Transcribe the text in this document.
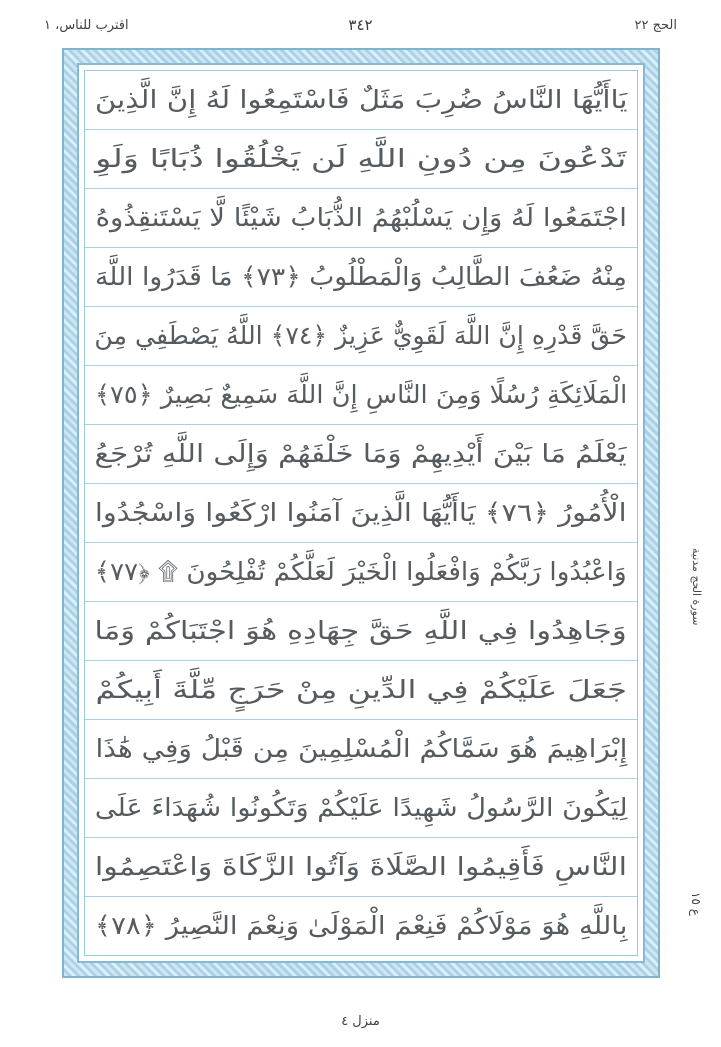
الحج ٢٢
٣٤٢
اقترب للناس، ١
يَاأَيُّهَا النَّاسُ ضُرِبَ مَثَلٌ فَاسْتَمِعُوا لَهُ إِنَّ الَّذِينَ
تَدْعُونَ مِن دُونِ اللَّهِ لَن يَخْلُقُوا ذُبَابًا وَلَوِ
اجْتَمَعُوا لَهُ وَإِن يَسْلُبْهُمُ الذُّبَابُ شَيْئًا لَّا يَسْتَنقِذُوهُ
مِنْهُ ضَعُفَ الطَّالِبُ وَالْمَطْلُوبُ ﴿٧٣﴾ مَا قَدَرُوا اللَّهَ
حَقَّ قَدْرِهِ إِنَّ اللَّهَ لَقَوِيٌّ عَزِيزٌ ﴿٧٤﴾ اللَّهُ يَصْطَفِي مِنَ
الْمَلَائِكَةِ رُسُلًا وَمِنَ النَّاسِ إِنَّ اللَّهَ سَمِيعٌ بَصِيرٌ ﴿٧٥﴾
يَعْلَمُ مَا بَيْنَ أَيْدِيهِمْ وَمَا خَلْفَهُمْ وَإِلَى اللَّهِ تُرْجَعُ
الْأُمُورُ ﴿٧٦﴾ يَاأَيُّهَا الَّذِينَ آمَنُوا ارْكَعُوا وَاسْجُدُوا
وَاعْبُدُوا رَبَّكُمْ وَافْعَلُوا الْخَيْرَ لَعَلَّكُمْ تُفْلِحُونَ ۩ ﴿٧٧﴾
وَجَاهِدُوا فِي اللَّهِ حَقَّ جِهَادِهِ هُوَ اجْتَبَاكُمْ وَمَا
جَعَلَ عَلَيْكُمْ فِي الدِّينِ مِنْ حَرَجٍ مِّلَّةَ أَبِيكُمْ
إِبْرَاهِيمَ هُوَ سَمَّاكُمُ الْمُسْلِمِينَ مِن قَبْلُ وَفِي هَٰذَا
لِيَكُونَ الرَّسُولُ شَهِيدًا عَلَيْكُمْ وَتَكُونُوا شُهَدَاءَ عَلَى
النَّاسِ فَأَقِيمُوا الصَّلَاةَ وَآتُوا الزَّكَاةَ وَاعْتَصِمُوا
بِاللَّهِ هُوَ مَوْلَاكُمْ فَنِعْمَ الْمَوْلَىٰ وَنِعْمَ النَّصِيرُ ﴿٧٨﴾
سورة الحج مدنية
ع ١٥
منزل ٤
